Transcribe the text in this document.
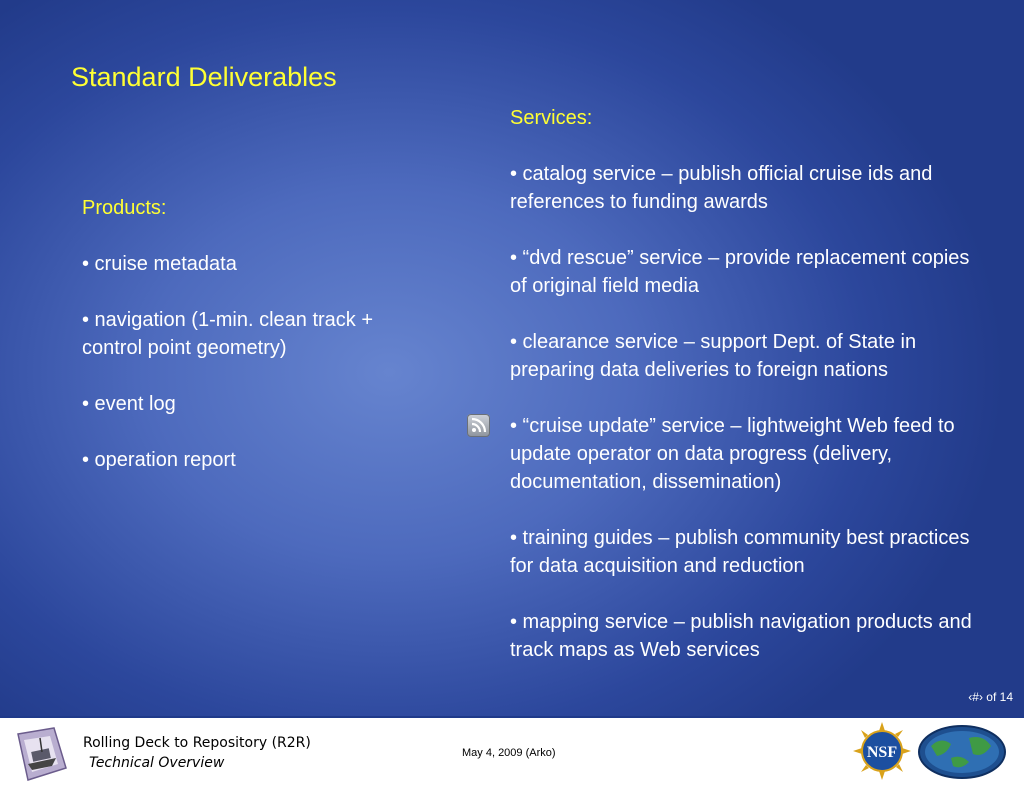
Standard Deliverables

Products:

• cruise metadata

• navigation (1-min. clean track + control point geometry)

• event log

• operation report

Services:

• catalog service – publish official cruise ids and references to funding awards

• “dvd rescue” service – provide replacement copies of original field media

• clearance service – support Dept. of State in preparing data deliveries to foreign nations

• “cruise update” service – lightweight Web feed to update operator on data progress (delivery, documentation, dissemination)

• training guides – publish community best practices for data acquisition and reduction

• mapping service – publish navigation products and track maps as Web services

‹#› of 14
Rolling Deck to Repository (R2R)
Technical Overview
May 4, 2009 (Arko)	NSF
